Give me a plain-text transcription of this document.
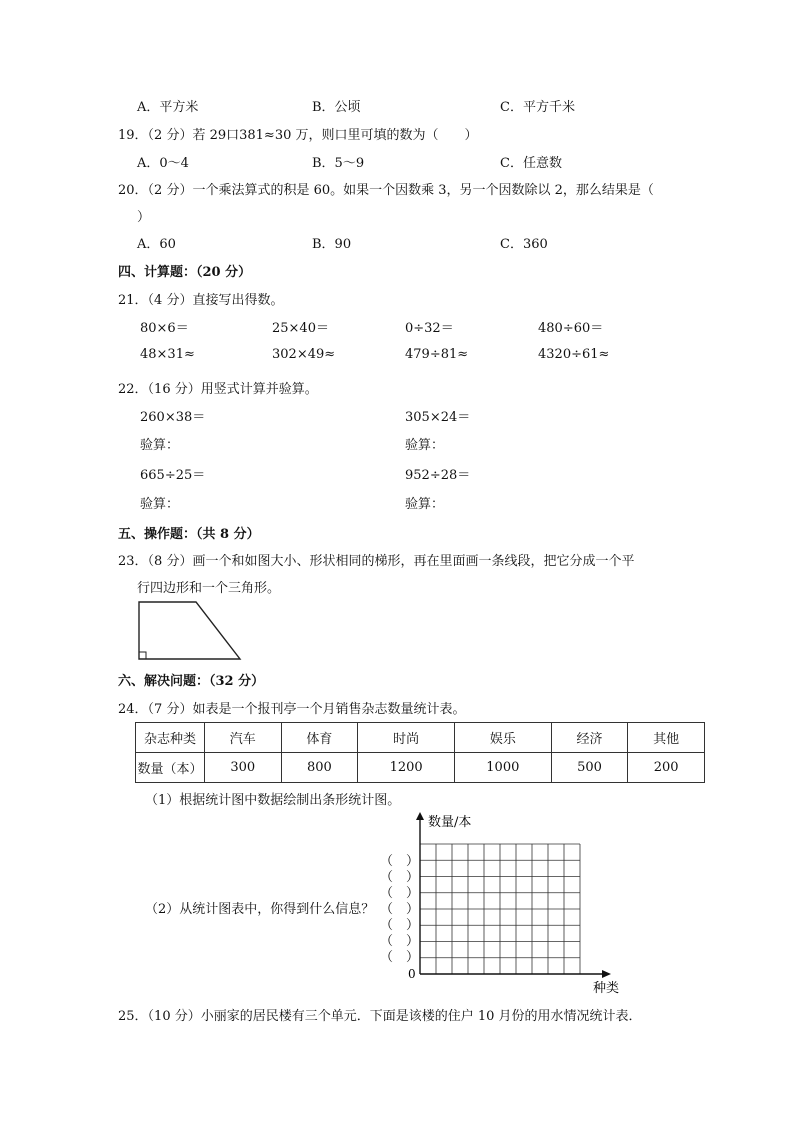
A．平方米	B．公顷	C．平方千米
19．（2 分）若 29口381≈30 万，则口里可填的数为（　　）
A．0～4	B．5～9	C．任意数
20．（2 分）一个乘法算式的积是 60。如果一个因数乘 3，另一个因数除以 2，那么结果是（
）
A．60	B．90	C．360
四、计算题：（20 分）
21．（4 分）直接写出得数。
80×6＝	25×40＝	0÷32＝	480÷60＝
48×31≈	302×49≈	479÷81≈	4320÷61≈
22．（16 分）用竖式计算并验算。
260×38＝	305×24＝
验算：	验算：
665÷25＝	952÷28＝
验算：	验算：
五、操作题：（共 8 分）
23．（8 分）画一个和如图大小、形状相同的梯形，再在里面画一条线段，把它分成一个平
行四边形和一个三角形。
六、解决问题：（32 分）
24．（7 分）如表是一个报刊亭一个月销售杂志数量统计表。
杂志种类	汽车	体育	时尚	娱乐	经济	其他
数量（本）	300	800	1200	1000	500	200
（1）根据统计图中数据绘制出条形统计图。
（2）从统计图表中，你得到什么信息？
（　）
（　）
（　）
（　）
（　）
（　）
（　）
数量/本
种类
0
25．（10 分）小丽家的居民楼有三个单元．下面是该楼的住户 10 月份的用水情况统计表．
